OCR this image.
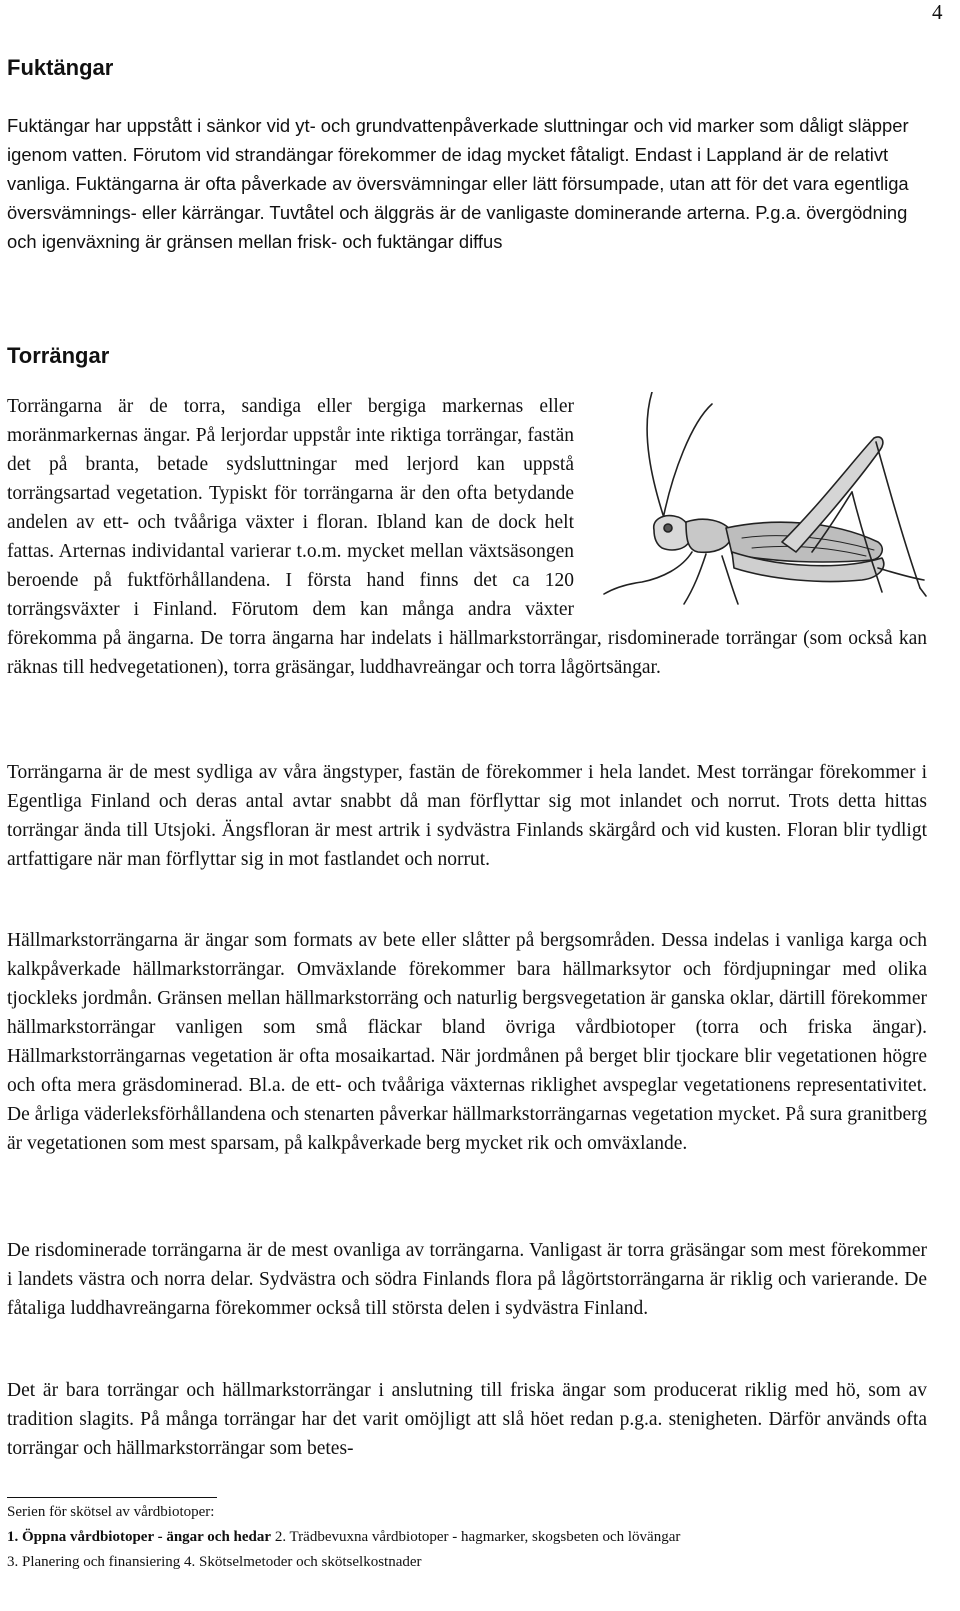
4
Fuktängar

Fuktängar har uppstått i sänkor vid yt- och grundvattenpåverkade sluttningar och vid marker som dåligt släpper igenom vatten. Förutom vid strandängar förekommer de idag mycket fåtaligt. Endast i Lappland är de relativt vanliga. Fuktängarna är ofta påverkade av översvämningar eller lätt försumpade, utan att för det vara egentliga översvämnings- eller kärrängar. Tuvtåtel och älggräs är de vanligaste dominerande arterna. P.g.a. övergödning och igenväxning är gränsen mellan frisk- och fuktängar diffus

Torrängar
Torrängarna är de torra, sandiga eller bergiga markernas eller moränmarkernas ängar. På lerjordar uppstår inte riktiga torrängar, fastän det på branta, betade sydsluttningar med lerjord kan uppstå torrängsartad vegetation. Typiskt för torrängarna är den ofta betydande andelen av ett- och tvååriga växter i floran. Ibland kan de dock helt fattas. Arternas individantal varierar t.o.m. mycket mellan växtsäsongen beroende på fuktförhållandena. I första hand finns det ca 120 torrängsväxter i Finland. Förutom dem kan många andra växter förekomma på ängarna. De torra ängarna har indelats i hällmarkstorrängar, risdominerade torrängar (som också kan räknas till hedvegetationen), torra gräsängar, luddhavreängar och torra lågörtsängar.

Torrängarna är de mest sydliga av våra ängstyper, fastän de förekommer i hela landet. Mest torrängar förekommer i Egentliga Finland och deras antal avtar snabbt då man förflyttar sig mot inlandet och norrut. Trots detta hittas torrängar ända till Utsjoki. Ängsfloran är mest artrik i sydvästra Finlands skärgård och vid kusten. Floran blir tydligt artfattigare när man förflyttar sig in mot fastlandet och norrut.

Hällmarkstorrängarna är ängar som formats av bete eller slåtter på bergsområden. Dessa indelas i vanliga karga och kalkpåverkade hällmarkstorrängar. Omväxlande förekommer bara hällmarksytor och fördjupningar med olika tjockleks jordmån. Gränsen mellan hällmarkstorräng och naturlig bergsvegetation är ganska oklar, därtill förekommer hällmarkstorrängar vanligen som små fläckar bland övriga vårdbiotoper (torra och friska ängar). Hällmarkstorrängarnas vegetation är ofta mosaikartad. När jordmånen på berget blir tjockare blir vegetationen högre och ofta mera gräsdominerad. Bl.a. de ett- och tvååriga växternas riklighet avspeglar vegetationens representativitet. De årliga väderleksförhållandena och stenarten påverkar hällmarkstorrängarnas vegetation mycket. På sura granitberg är vegetationen som mest sparsam, på kalkpåverkade berg mycket rik och omväxlande.

De risdominerade torrängarna är de mest ovanliga av torrängarna. Vanligast är torra gräsängar som mest förekommer i landets västra och norra delar. Sydvästra och södra Finlands flora på lågörtstorrängarna är riklig och varierande. De fåtaliga luddhavreängarna förekommer också till största delen i sydvästra Finland.

Det är bara torrängar och hällmarkstorrängar i anslutning till friska ängar som producerat riklig med hö, som av tradition slagits. På många torrängar har det varit omöjligt att slå höet redan p.g.a. stenigheten. Därför används ofta torrängar och hällmarkstorrängar som betes-

Serien för skötsel av vårdbiotoper:
1. Öppna vårdbiotoper - ängar och hedar 2. Trädbevuxna vårdbiotoper - hagmarker, skogsbeten och lövängar
3. Planering och finansiering 4. Skötselmetoder och skötselkostnader
